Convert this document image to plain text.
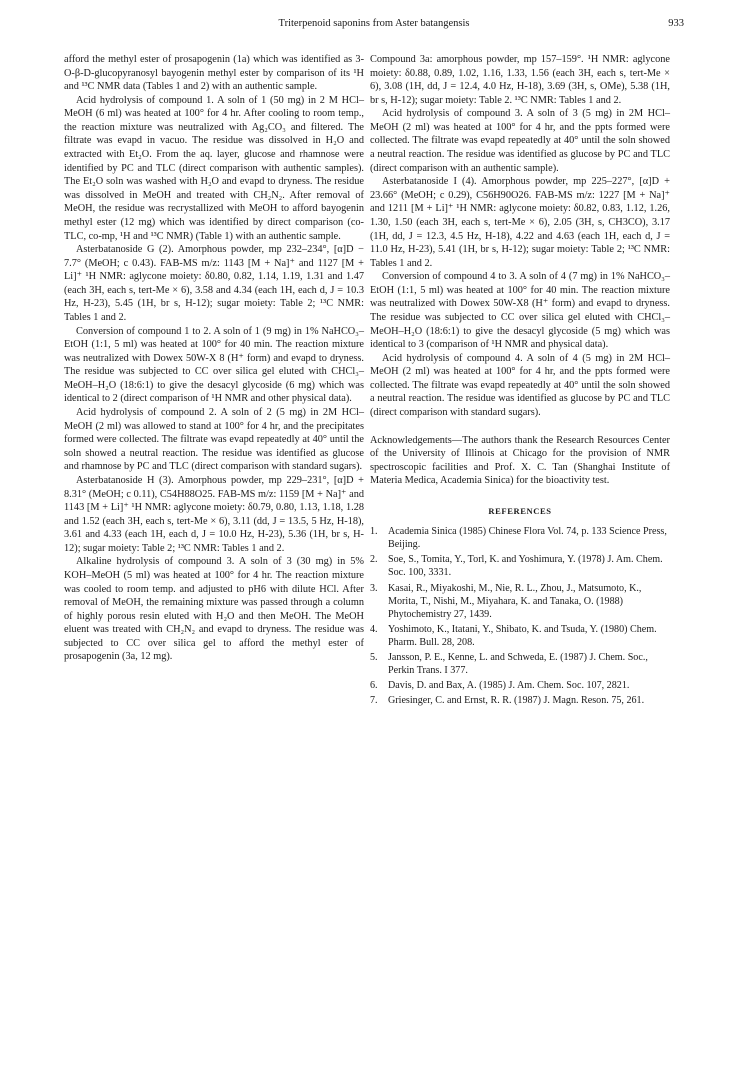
Triterpenoid saponins from Aster batangensis	933

afford the methyl ester of prosapogenin (1a) which was identified as 3-O-β-D-glucopyranosyl bayogenin methyl ester by comparison of its ¹H and ¹³C NMR data (Tables 1 and 2) with an authentic sample.

Acid hydrolysis of compound 1. A soln of 1 (50 mg) in 2 M HCl–MeOH (6 ml) was heated at 100° for 4 hr. After cooling to room temp., the reaction mixture was neutralized with Ag₂CO₃ and filtered. The filtrate was evapd in vacuo. The residue was dissolved in H₂O and extracted with Et₂O. From the aq. layer, glucose and rhamnose were identified by PC and TLC (direct comparison with authentic samples). The Et₂O soln was washed with H₂O and evapd to dryness. The residue was dissolved in MeOH and treated with CH₂N₂. After removal of MeOH, the residue was recrystallized with MeOH to afford bayogenin methyl ester (12 mg) which was identified by direct comparison (co-TLC, co-mp, ¹H and ¹³C NMR) (Table 1) with an authentic sample.

Asterbatanoside G (2). Amorphous powder, mp 232–234°, [α]D − 7.7° (MeOH; c 0.43). FAB-MS m/z: 1143 [M + Na]⁺ and 1127 [M + Li]⁺ ¹H NMR: aglycone moiety: δ0.80, 0.82, 1.14, 1.19, 1.31 and 1.47 (each 3H, each s, tert-Me × 6), 3.58 and 4.34 (each 1H, each d, J = 10.3 Hz, H-23), 5.45 (1H, br s, H-12); sugar moiety: Table 2; ¹³C NMR: Tables 1 and 2.

Conversion of compound 1 to 2. A soln of 1 (9 mg) in 1% NaHCO₃–EtOH (1:1, 5 ml) was heated at 100° for 40 min. The reaction mixture was neutralized with Dowex 50W-X 8 (H⁺ form) and evapd to dryness. The residue was subjected to CC over silica gel eluted with CHCl₃–MeOH–H₂O (18:6:1) to give the desacyl glycoside (6 mg) which was identical to 2 (direct comparison of ¹H NMR and other physical data).

Acid hydrolysis of compound 2. A soln of 2 (5 mg) in 2M HCl–MeOH (2 ml) was allowed to stand at 100° for 4 hr, and the precipitates formed were collected. The filtrate was evapd repeatedly at 40° until the soln showed a neutral reaction. The residue was identified as glucose and rhamnose by PC and TLC (direct comparison with standard sugars).

Asterbatanoside H (3). Amorphous powder, mp 229–231°, [α]D + 8.31° (MeOH; c 0.11), C54H88O25. FAB-MS m/z: 1159 [M + Na]⁺ and 1143 [M + Li]⁺ ¹H NMR: aglycone moiety: δ0.79, 0.80, 1.13, 1.18, 1.28 and 1.52 (each 3H, each s, tert-Me × 6), 3.11 (dd, J = 13.5, 5 Hz, H-18), 3.61 and 4.33 (each 1H, each d, J = 10.0 Hz, H-23), 5.36 (1H, br s, H-12); sugar moiety: Table 2; ¹³C NMR: Tables 1 and 2.

Alkaline hydrolysis of compound 3. A soln of 3 (30 mg) in 5% KOH–MeOH (5 ml) was heated at 100° for 4 hr. The reaction mixture was cooled to room temp. and adjusted to pH6 with dilute HCl. After removal of MeOH, the remaining mixture was passed through a column of highly porous resin eluted with H₂O and then MeOH. The MeOH eluent was treated with CH₂N₂ and evapd to dryness. The residue was subjected to CC over silica gel to afford the methyl ester of prosapogenin (3a, 12 mg).

Compound 3a: amorphous powder, mp 157–159°. ¹H NMR: aglycone moiety: δ0.88, 0.89, 1.02, 1.16, 1.33, 1.56 (each 3H, each s, tert-Me × 6), 3.08 (1H, dd, J = 12.4, 4.0 Hz, H-18), 3.69 (3H, s, OMe), 5.38 (1H, br s, H-12); sugar moiety: Table 2. ¹³C NMR: Tables 1 and 2.

Acid hydrolysis of compound 3. A soln of 3 (5 mg) in 2M HCl–MeOH (2 ml) was heated at 100° for 4 hr, and the ppts formed were collected. The filtrate was evapd repeatedly at 40° until the soln showed a neutral reaction. The residue was identified as glucose by PC and TLC (direct comparison with an authentic sample).

Asterbatanoside I (4). Amorphous powder, mp 225–227°, [α]D + 23.66° (MeOH; c 0.29), C56H90O26. FAB-MS m/z: 1227 [M + Na]⁺ and 1211 [M + Li]⁺ ¹H NMR: aglycone moiety: δ0.82, 0.83, 1.12, 1.26, 1.30, 1.50 (each 3H, each s, tert-Me × 6), 2.05 (3H, s, CH3CO), 3.17 (1H, dd, J = 12.3, 4.5 Hz, H-18), 4.22 and 4.63 (each 1H, each d, J = 11.0 Hz, H-23), 5.41 (1H, br s, H-12); sugar moiety: Table 2; ¹³C NMR: Tables 1 and 2.

Conversion of compound 4 to 3. A soln of 4 (7 mg) in 1% NaHCO₃–EtOH (1:1, 5 ml) was heated at 100° for 40 min. The reaction mixture was neutralized with Dowex 50W-X8 (H⁺ form) and evapd to dryness. The residue was subjected to CC over silica gel eluted with CHCl₃–MeOH–H₂O (18:6:1) to give the desacyl glycoside (5 mg) which was identical to 3 (comparison of ¹H NMR and physical data).

Acid hydrolysis of compound 4. A soln of 4 (5 mg) in 2M HCl–MeOH (2 ml) was heated at 100° for 4 hr, and the ppts formed were collected. The filtrate was evapd repeatedly at 40° until the soln showed a neutral reaction. The residue was identified as glucose by PC and TLC (direct comparison with standard sugars).

Acknowledgements—The authors thank the Research Resources Center of the University of Illinois at Chicago for the provision of NMR spectroscopic facilities and Prof. X. C. Tan (Shanghai Institute of Materia Medica, Academia Sinica) for the bioactivity test.

REFERENCES
1.	Academia Sinica (1985) Chinese Flora Vol. 74, p. 133 Science Press, Beijing.
2.	Soe, S., Tomita, Y., Torl, K. and Yoshimura, Y. (1978) J. Am. Chem. Soc. 100, 3331.
3.	Kasai, R., Miyakoshi, M., Nie, R. L., Zhou, J., Matsumoto, K., Morita, T., Nishi, M., Miyahara, K. and Tanaka, O. (1988) Phytochemistry 27, 1439.
4.	Yoshimoto, K., Itatani, Y., Shibato, K. and Tsuda, Y. (1980) Chem. Pharm. Bull. 28, 208.
5.	Jansson, P. E., Kenne, L. and Schweda, E. (1987) J. Chem. Soc., Perkin Trans. I 377.
6.	Davis, D. and Bax, A. (1985) J. Am. Chem. Soc. 107, 2821.
7.	Griesinger, C. and Ernst, R. R. (1987) J. Magn. Reson. 75, 261.
